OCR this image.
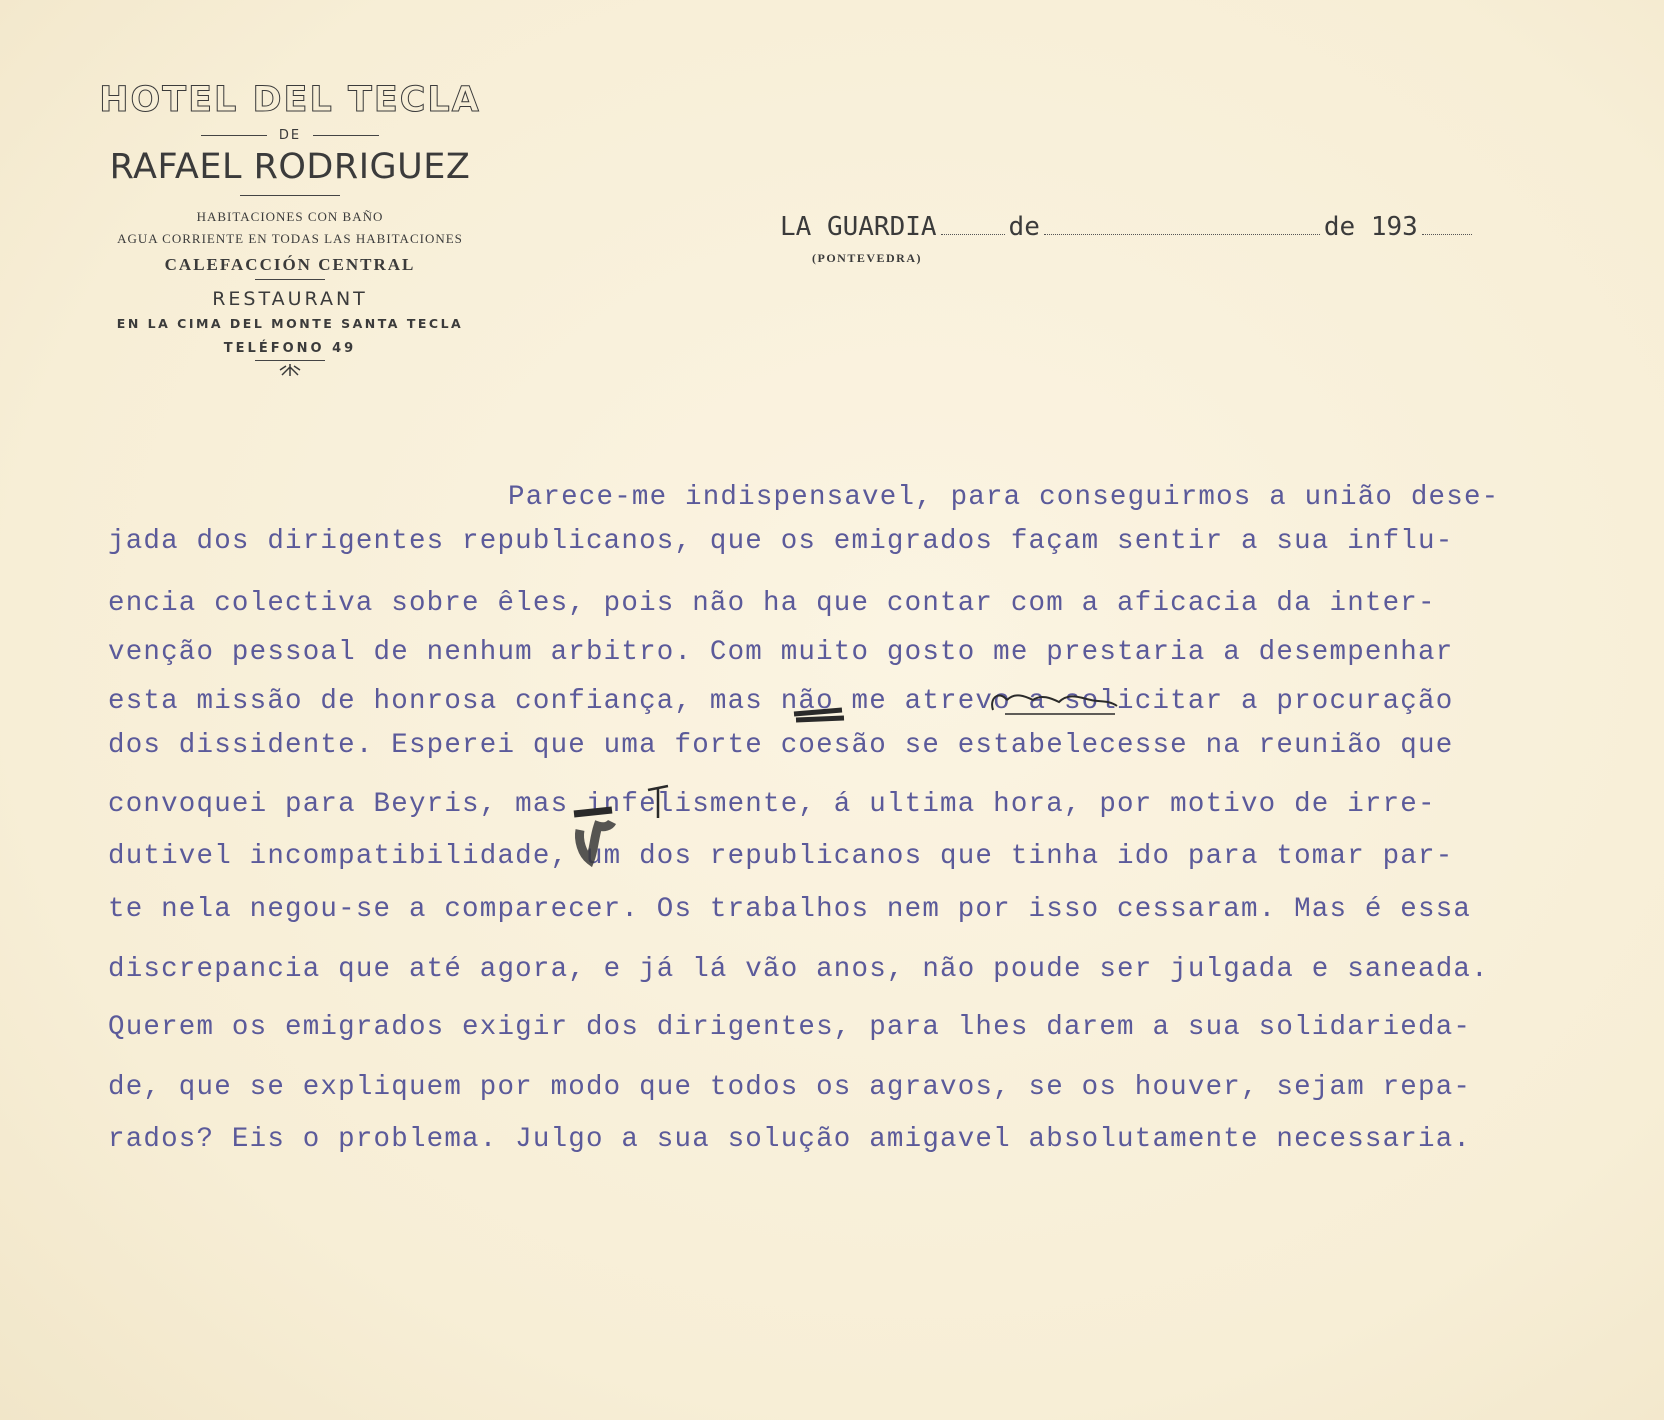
HOTEL DEL TECLA
DE
RAFAEL RODRIGUEZ
HABITACIONES CON BAÑO
AGUA CORRIENTE EN TODAS LAS HABITACIONES
CALEFACCIÓN CENTRAL
RESTAURANT
EN LA CIMA DEL MONTE SANTA TECLA
TELÉFONO 49
LA GUARDIA	de	de 193
(PONTEVEDRA)
Parece-me indispensavel, para conseguirmos a união dese-
jada dos dirigentes republicanos, que os emigrados façam sentir a sua influ-
encia colectiva sobre êles, pois não ha que contar com a aficacia da inter-
venção pessoal de nenhum arbitro. Com muito gosto me prestaria a desempenhar
esta missão de honrosa confiança, mas não me atrevo a solicitar a procuração
dos dissidente. Esperei que uma forte coesão se estabelecesse na reunião que
convoquei para Beyris, mas infelismente, á ultima hora, por motivo de irre-
dutivel incompatibilidade, um dos republicanos que tinha ido para tomar par-
te nela negou-se a comparecer. Os trabalhos nem por isso cessaram. Mas é essa
discrepancia que até agora, e já lá vão anos, não poude ser julgada e saneada.
Querem os emigrados exigir dos dirigentes, para lhes darem a sua solidarieda-
de, que se expliquem por modo que todos os agravos, se os houver, sejam repa-
rados? Eis o problema. Julgo a sua solução amigavel absolutamente necessaria.
